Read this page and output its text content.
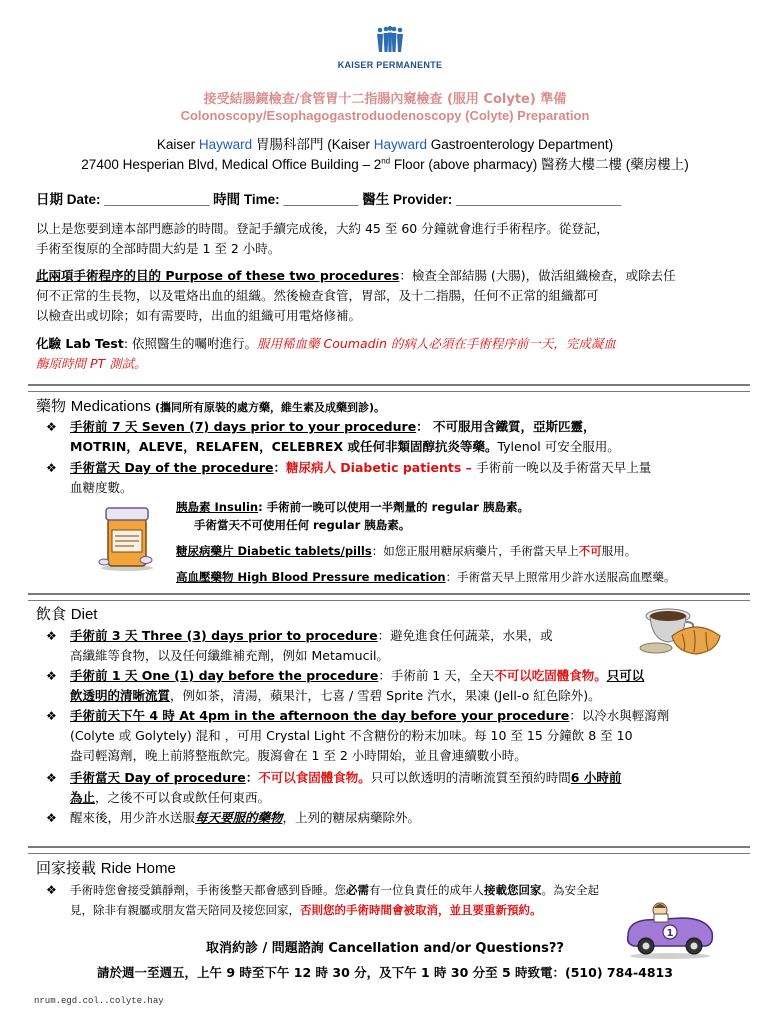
KAISER PERMANENTE
接受結腸鏡檢查/食管胃十二指腸內窺檢查 (服用 Colyte) 準備
Colonoscopy/Esophagogastroduodenoscopy (Colyte) Preparation
Kaiser Hayward 胃腸科部門 (Kaiser Hayward Gastroenterology Department)
27400 Hesperian Blvd, Medical Office Building – 2nd Floor (above pharmacy) 醫務大樓二樓 (藥房樓上)
日期 Date: ______________ 時間 Time: __________ 醫生 Provider: ______________________
以上是您要到達本部門應診的時間。登記手續完成後，大約 45 至 60 分鐘就會進行手術程序。從登記，
手術至復原的全部時間大約是 1 至 2 小時。
此兩項手術程序的目的 Purpose of these two procedures：檢查全部結腸 (大腸)，做活組織檢查，或除去任
何不正常的生長物，以及電烙出血的組織。然後檢查食管，胃部，及十二指腸，任何不正常的組織都可
以檢查出或切除；如有需要時，出血的組織可用電烙修補。
化驗 Lab Test: 依照醫生的囑咐進行。服用稀血藥 Coumadin 的病人必須在手術程序前一天，完成凝血
酶原時間 PT 測試。
藥物 Medications (攜同所有原裝的處方藥，維生素及成藥到診)。
❖ 手術前 7 天 Seven (7) days prior to your procedure： 不可服用含鐵質，亞斯匹靈，
MOTRIN，ALEVE，RELAFEN，CELEBREX 或任何非類固醇抗炎等藥。Tylenol 可安全服用。
❖ 手術當天 Day of the procedure：糖尿病人 Diabetic patients – 手術前一晚以及手術當天早上量
血糖度數。
胰島素 Insulin: 手術前一晚可以使用一半劑量的 regular 胰島素。
手術當天不可使用任何 regular 胰島素。
糖尿病藥片 Diabetic tablets/pills：如您正服用糖尿病藥片，手術當天早上不可服用。
高血壓藥物 High Blood Pressure medication：手術當天早上照常用少許水送服高血壓藥。
飲食 Diet
❖ 手術前 3 天 Three (3) days prior to procedure：避免進食任何蔬菜，水果，或
高纖維等食物，以及任何纖維補充劑，例如 Metamucil。
❖ 手術前 1 天 One (1) day before the procedure：手術前 1 天，全天不可以吃固體食物。只可以
飲透明的清晰流質，例如茶，清湯，蘋果汁，七喜 / 雪碧 Sprite 汽水，果凍 (Jell-o 紅色除外)。
❖ 手術前天下午 4 時 At 4pm in the afternoon the day before your procedure：以冷水與輕瀉劑
(Colyte 或 Golytely) 混和 ，可用 Crystal Light 不含糖份的粉末加味。每 10 至 15 分鐘飲 8 至 10
盎司輕瀉劑，晚上前將整瓶飲完。腹瀉會在 1 至 2 小時開始，並且會連續數小時。
❖ 手術當天 Day of procedure：不可以食固體食物。只可以飲透明的清晰流質至預約時間6 小時前
為止，之後不可以食或飲任何東西。
❖ 醒來後，用少許水送服每天要服的藥物，上列的糖尿病藥除外。
回家接載 Ride Home
❖ 手術時您會接受鎮靜劑，手術後整天都會感到昏睡。您必需有一位負責任的成年人接載您回家。為安全起
見，除非有親屬或朋友當天陪同及接您回家，否則您的手術時間會被取消，並且要重新預約。
1
取消約診 / 問題諮詢 Cancellation and/or Questions??
請於週一至週五，上午 9 時至下午 12 時 30 分，及下午 1 時 30 分至 5 時致電：(510) 784-4813
nrum.egd.col..colyte.hay
